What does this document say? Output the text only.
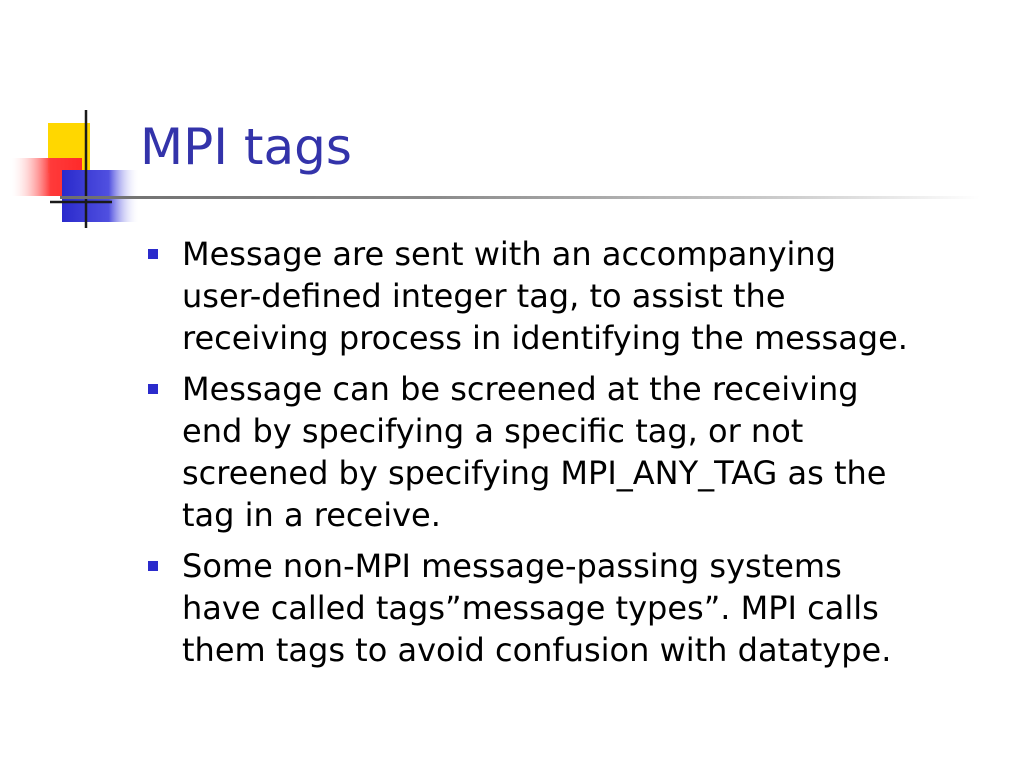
MPI tags
Message are sent with an accompanying
user-defined integer tag, to assist the
receiving process in identifying the message.
Message can be screened at the receiving
end by specifying a specific tag, or not
screened by specifying MPI_ANY_TAG as the
tag in a receive.
Some non-MPI message-passing systems
have called tags”message types”. MPI calls
them tags to avoid confusion with datatype.
